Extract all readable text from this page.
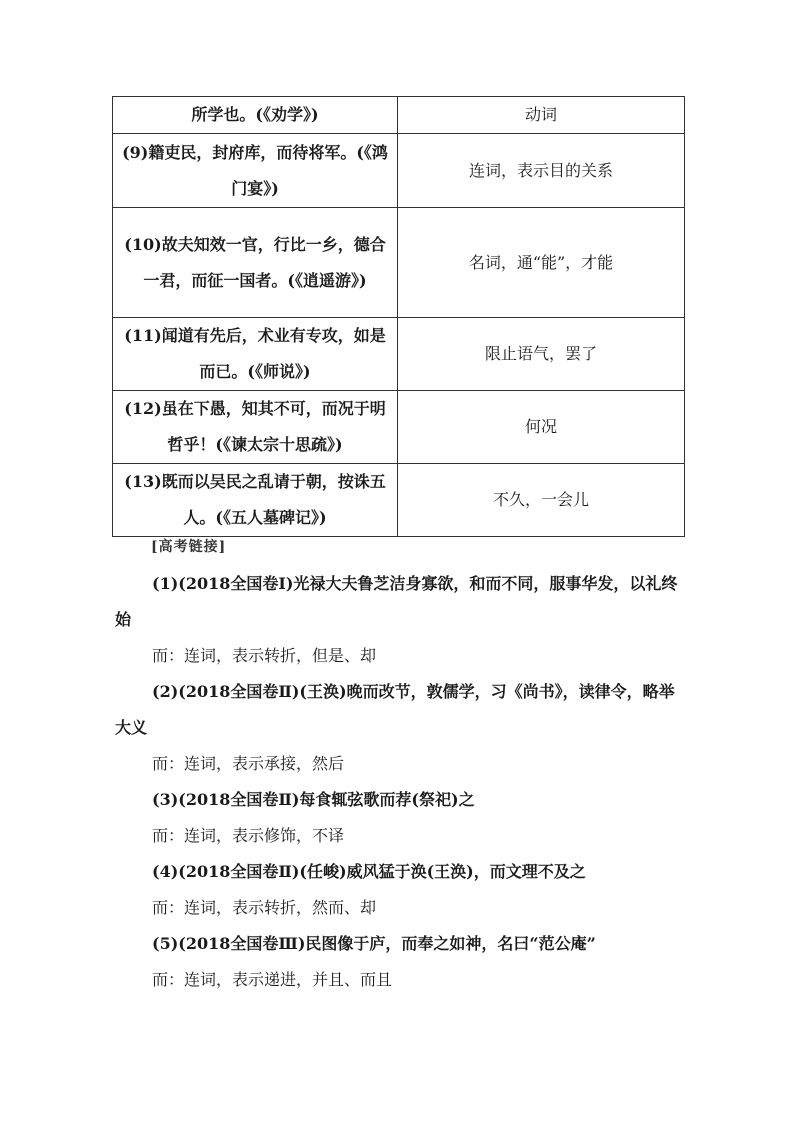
所学也。(《劝学》)	动词
(9)籍吏民，封府库，而待将军。(《鸿门宴》)	连词，表示目的关系
(10)故夫知效一官，行比一乡，德合一君，而征一国者。(《逍遥游》)	名词，通“能”，才能
(11)闻道有先后，术业有专攻，如是而已。(《师说》)	限止语气，罢了
(12)虽在下愚，知其不可，而况于明哲乎！(《谏太宗十思疏》)	何况
(13)既而以吴民之乱请于朝，按诛五人。(《五人墓碑记》)	不久，一会儿
[高考链接]

(1)(2018全国卷Ⅰ)光禄大夫鲁芝洁身寡欲，和而不同，服事华发，以礼终始

而：连词，表示转折，但是、却

(2)(2018全国卷Ⅱ)(王涣)晚而改节，敦儒学，习《尚书》，读律令，略举大义

而：连词，表示承接，然后

(3)(2018全国卷Ⅱ)每食辄弦歌而荐(祭祀)之

而：连词，表示修饰，不译

(4)(2018全国卷Ⅱ)(任峻)威风猛于涣(王涣)，而文理不及之

而：连词，表示转折，然而、却

(5)(2018全国卷Ⅲ)民图像于庐，而奉之如神，名曰“范公庵”

而：连词，表示递进，并且、而且
